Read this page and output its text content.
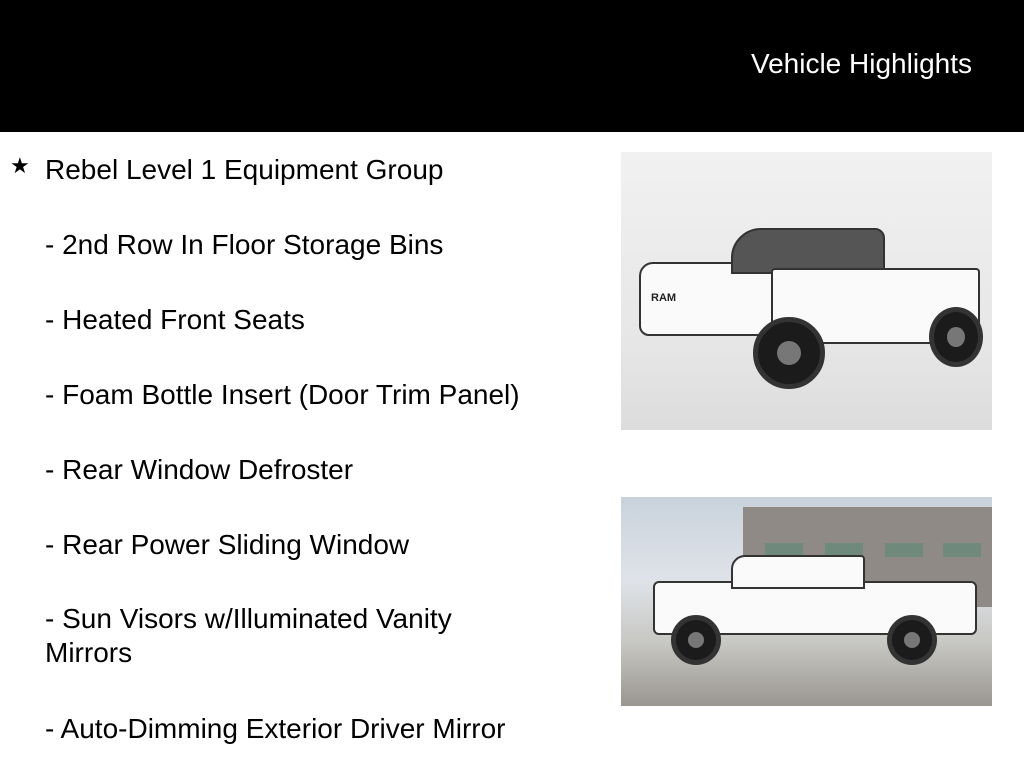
Vehicle Highlights
★ Rebel Level 1 Equipment Group
- 2nd Row In Floor Storage Bins
- Heated Front Seats
- Foam Bottle Insert (Door Trim Panel)
- Rear Window Defroster
- Rear Power Sliding Window
- Sun Visors w/Illuminated Vanity Mirrors
- Auto-Dimming Exterior Driver Mirror
RAM
